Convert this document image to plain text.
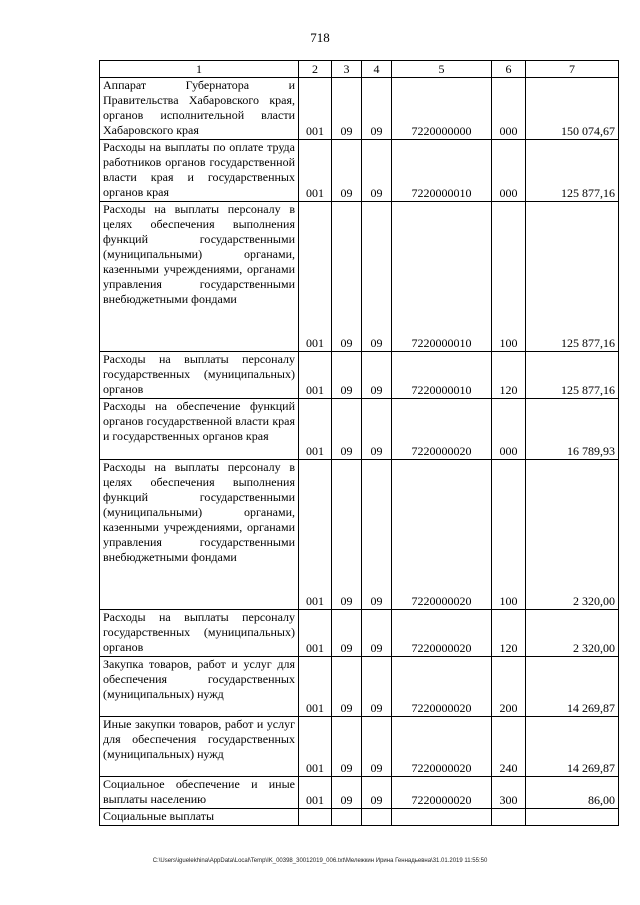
718
1	2	3	4	5	6	7

Аппарат Губернатора и Правительства Хабаровского края, органов исполнительной власти Хабаровского края	001	09	09	7220000000	000	150 074,67

Расходы на выплаты по оплате труда работников органов государственной власти края и государственных органов края	001	09	09	7220000010	000	125 877,16

Расходы на выплаты персоналу в целях обеспечения выполнения функций государственными (муниципальными) органами, казенными учреждениями, органами управления государственными внебюджетными фондами	001	09	09	7220000010	100	125 877,16

Расходы на выплаты персоналу государственных (муниципальных) органов	001	09	09	7220000010	120	125 877,16

Расходы на обеспечение функций органов государственной власти края и государственных органов края	001	09	09	7220000020	000	16 789,93

Расходы на выплаты персоналу в целях обеспечения выполнения функций государственными (муниципальными) органами, казенными учреждениями, органами управления государственными внебюджетными фондами	001	09	09	7220000020	100	2 320,00

Расходы на выплаты персоналу государственных (муниципальных) органов	001	09	09	7220000020	120	2 320,00

Закупка товаров, работ и услуг для обеспечения государственных (муниципальных) нужд	001	09	09	7220000020	200	14 269,87

Иные закупки товаров, работ и услуг для обеспечения государственных (муниципальных) нужд	001	09	09	7220000020	240	14 269,87

Социальное обеспечение и иные выплаты населению	001	09	09	7220000020	300	86,00

Социальные выплаты						

C:\Users\iguelekhina\AppData\Local\Temp\IK_00398_30012019_006.txt\Мележкин Ирина Геннадьевна\31.01.2019 11:55:50
